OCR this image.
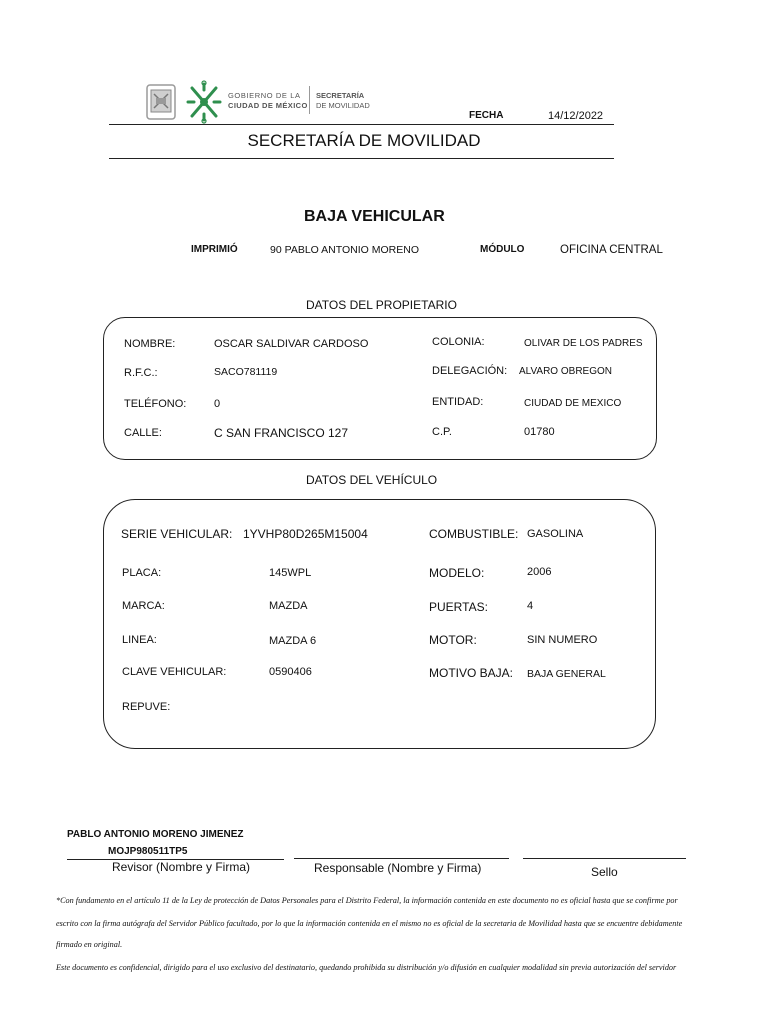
GOBIERNO DE LA
CIUDAD DE MÉXICO
SECRETARÍA
DE MOVILIDAD
FECHA	14/12/2022
SECRETARÍA DE MOVILIDAD
BAJA VEHICULAR
IMPRIMIÓ	90 PABLO ANTONIO MORENO	MÓDULO	OFICINA CENTRAL
DATOS DEL PROPIETARIO
NOMBRE:	OSCAR SALDIVAR CARDOSO
R.F.C.:	SACO781119
TELÉFONO:	0
CALLE:	C SAN FRANCISCO 127
COLONIA:	OLIVAR DE LOS PADRES
DELEGACIÓN: ALVARO OBREGON
ENTIDAD:	CIUDAD DE MEXICO
C.P.	01780
DATOS DEL VEHÍCULO
SERIE VEHICULAR: 1YVHP80D265M15004
PLACA:	145WPL
MARCA:	MAZDA
LINEA:	MAZDA 6
CLAVE VEHICULAR:	0590406
REPUVE:
COMBUSTIBLE: GASOLINA
MODELO:	2006
PUERTAS:	4
MOTOR:	SIN NUMERO
MOTIVO BAJA: BAJA GENERAL
PABLO ANTONIO MORENO JIMENEZ
MOJP980511TP5
Revisor (Nombre y Firma)	Responsable (Nombre y Firma)	Sello
*Con fundamento en el artículo 11 de la Ley de protección de Datos Personales para el Distrito Federal, la información contenida en este documento no es oficial hasta que se confirme por
escrito con la firma autógrafa del Servidor Público facultado, por lo que la información contenida en el mismo no es oficial de la secretaria de Movilidad hasta que se encuentre debidamente
firmado en original.
Este documento es confidencial, dirigido para el uso exclusivo del destinatario, quedando prohibida su distribución y/o difusión en cualquier modalidad sin previa autorización del servidor
